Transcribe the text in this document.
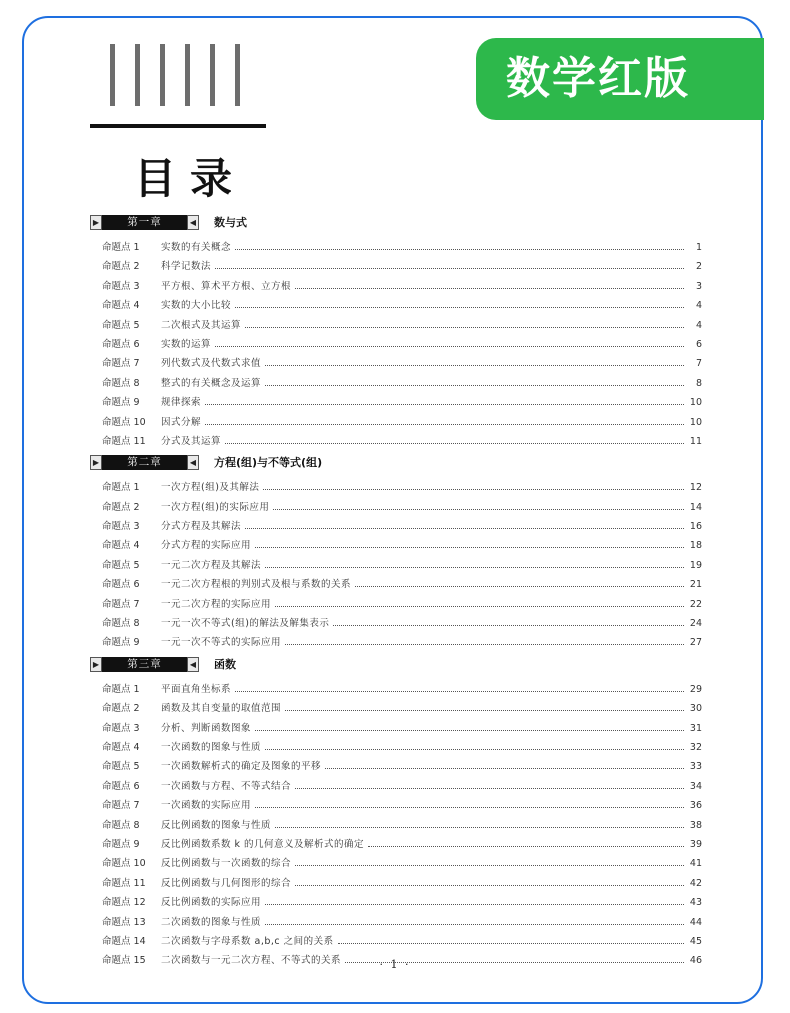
数学红版
目录
▶	第一章	◀ 数与式
命题点 1	实数的有关概念	1
命题点 2	科学记数法	2
命题点 3	平方根、算术平方根、立方根	3
命题点 4	实数的大小比较	4
命题点 5	二次根式及其运算	4
命题点 6	实数的运算	6
命题点 7	列代数式及代数式求值	7
命题点 8	整式的有关概念及运算	8
命题点 9	规律探索	10
命题点 10	因式分解	10
命题点 11	分式及其运算	11
▶	第二章	◀ 方程(组)与不等式(组)
命题点 1	一次方程(组)及其解法	12
命题点 2	一次方程(组)的实际应用	14
命题点 3	分式方程及其解法	16
命题点 4	分式方程的实际应用	18
命题点 5	一元二次方程及其解法	19
命题点 6	一元二次方程根的判别式及根与系数的关系	21
命题点 7	一元二次方程的实际应用	22
命题点 8	一元一次不等式(组)的解法及解集表示	24
命题点 9	一元一次不等式的实际应用	27
▶	第三章	◀ 函数
命题点 1	平面直角坐标系	29
命题点 2	函数及其自变量的取值范围	30
命题点 3	分析、判断函数图象	31
命题点 4	一次函数的图象与性质	32
命题点 5	一次函数解析式的确定及图象的平移	33
命题点 6	一次函数与方程、不等式结合	34
命题点 7	一次函数的实际应用	36
命题点 8	反比例函数的图象与性质	38
命题点 9	反比例函数系数 k 的几何意义及解析式的确定	39
命题点 10	反比例函数与一次函数的综合	41
命题点 11	反比例函数与几何图形的综合	42
命题点 12	反比例函数的实际应用	43
命题点 13	二次函数的图象与性质	44
命题点 14	二次函数与字母系数 a,b,c 之间的关系	45
命题点 15	二次函数与一元二次方程、不等式的关系	46
· 1 ·
